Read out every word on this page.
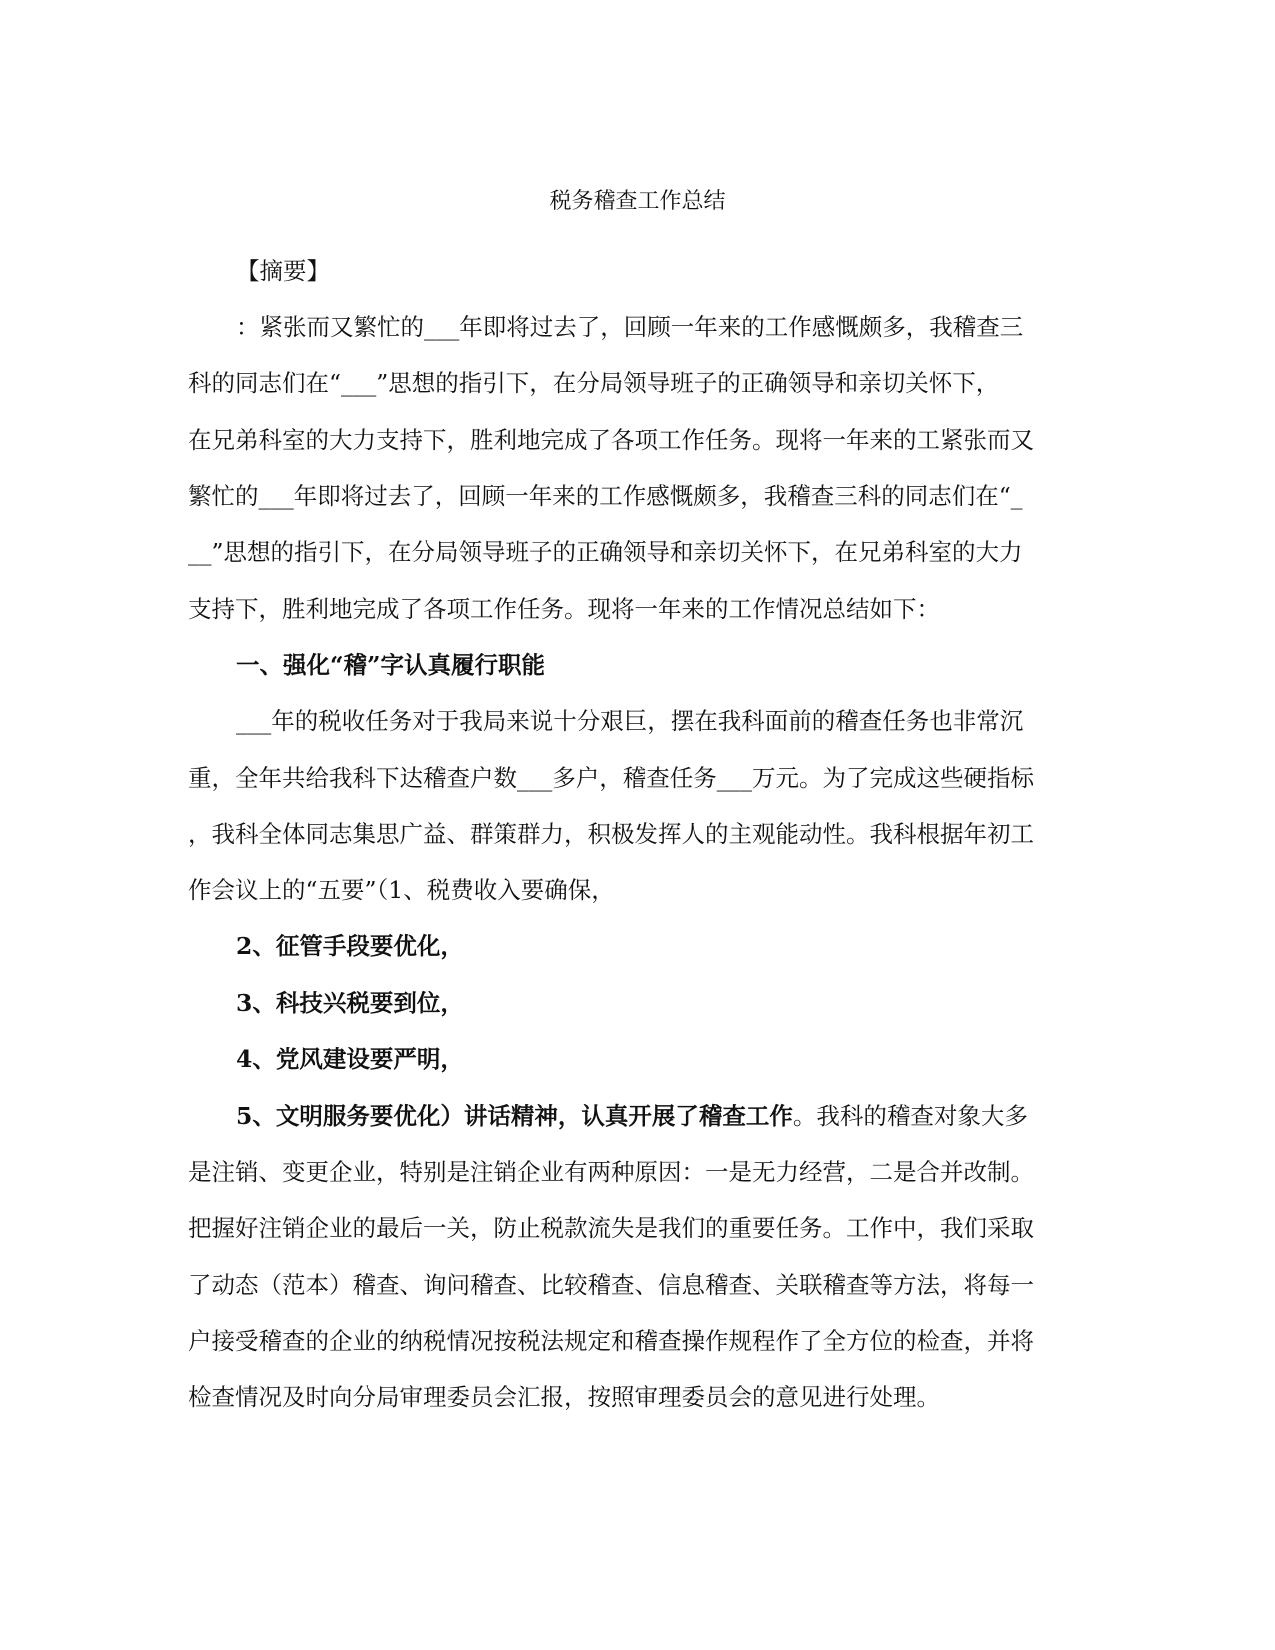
税务稽查工作总结
【摘要】
：紧张而又繁忙的___年即将过去了，回顾一年来的工作感慨颇多，我稽查三
科的同志们在“___”思想的指引下，在分局领导班子的正确领导和亲切关怀下，
在兄弟科室的大力支持下，胜利地完成了各项工作任务。现将一年来的工紧张而又
繁忙的___年即将过去了，回顾一年来的工作感慨颇多，我稽查三科的同志们在“_
__”思想的指引下，在分局领导班子的正确领导和亲切关怀下，在兄弟科室的大力
支持下，胜利地完成了各项工作任务。现将一年来的工作情况总结如下：
一、强化“稽”字认真履行职能
___年的税收任务对于我局来说十分艰巨，摆在我科面前的稽查任务也非常沉
重，全年共给我科下达稽查户数___多户，稽查任务___万元。为了完成这些硬指标
，我科全体同志集思广益、群策群力，积极发挥人的主观能动性。我科根据年初工
作会议上的“五要”（1、税费收入要确保，
2、征管手段要优化，
3、科技兴税要到位，
4、党风建设要严明，
5、文明服务要优化）讲话精神，认真开展了稽查工作。我科的稽查对象大多
是注销、变更企业，特别是注销企业有两种原因：一是无力经营，二是合并改制。
把握好注销企业的最后一关，防止税款流失是我们的重要任务。工作中，我们采取
了动态（范本）稽查、询问稽查、比较稽查、信息稽查、关联稽查等方法，将每一
户接受稽查的企业的纳税情况按税法规定和稽查操作规程作了全方位的检查，并将
检查情况及时向分局审理委员会汇报，按照审理委员会的意见进行处理。
